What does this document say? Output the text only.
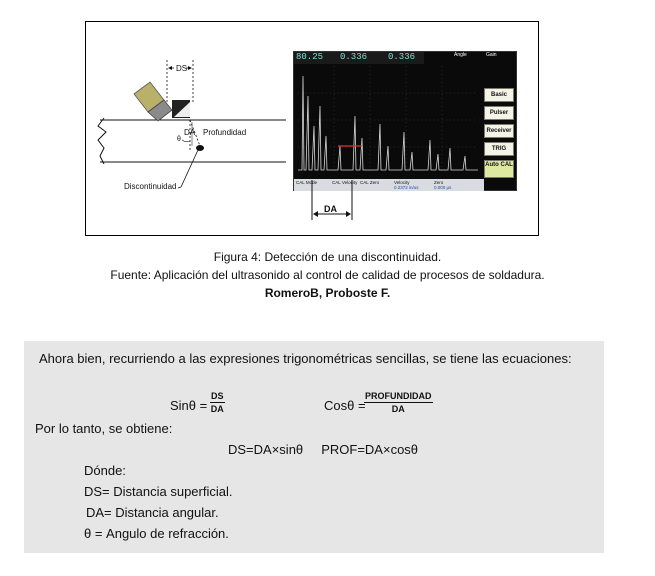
DS
DA Profundidad
θ
Discontinuidad
80.25 0.336 0.336	Angle	Gain
Basic
Pulser
Receiver
TRIG
Auto CAL
CAL Mode	CAL Velocity CAL Zero	Velocity	Zero
0.2372 in/us	0.000 µs
DA
Figura 4: Detección de una discontinuidad.
Fuente: Aplicación del ultrasonido al control de calidad de procesos de soldadura.
RomeroB, Proboste F.
Ahora bien, recurriendo a las expresiones trigonométricas sencillas, se tiene las ecuaciones:
$Sin\theta = \frac{DS}{DA}$	Cosθ =
PROFUNDIDAD
DA
Por lo tanto, se obtiene:
DS=DA×sinθ     PROF=DA×cosθ
Dónde:
DS= Distancia superficial.
DA= Distancia angular.
θ = Angulo de refracción.
